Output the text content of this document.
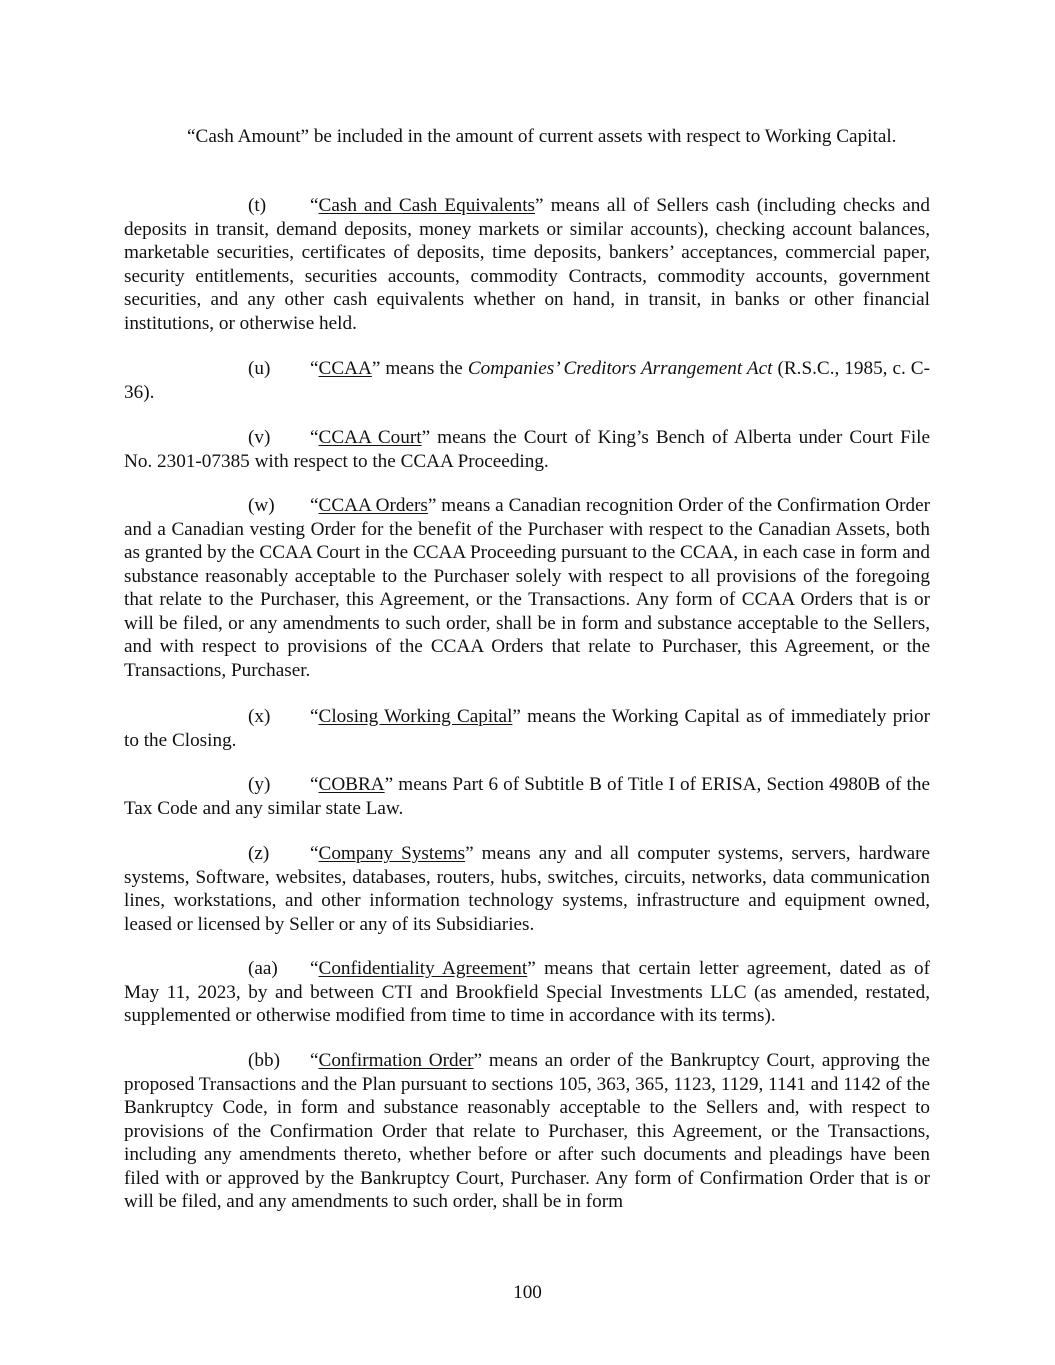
“Cash Amount” be included in the amount of current assets with respect to Working Capital.

(t) “Cash and Cash Equivalents” means all of Sellers cash (including checks and deposits in transit, demand deposits, money markets or similar accounts), checking account balances, marketable securities, certificates of deposits, time deposits, bankers’ acceptances, commercial paper, security entitlements, securities accounts, commodity Contracts, commodity accounts, government securities, and any other cash equivalents whether on hand, in transit, in banks or other financial institutions, or otherwise held.

(u) “CCAA” means the Companies’ Creditors Arrangement Act (R.S.C., 1985, c. C-36).

(v) “CCAA Court” means the Court of King’s Bench of Alberta under Court File No. 2301-07385 with respect to the CCAA Proceeding.

(w) “CCAA Orders” means a Canadian recognition Order of the Confirmation Order and a Canadian vesting Order for the benefit of the Purchaser with respect to the Canadian Assets, both as granted by the CCAA Court in the CCAA Proceeding pursuant to the CCAA, in each case in form and substance reasonably acceptable to the Purchaser solely with respect to all provisions of the foregoing that relate to the Purchaser, this Agreement, or the Transactions. Any form of CCAA Orders that is or will be filed, or any amendments to such order, shall be in form and substance acceptable to the Sellers, and with respect to provisions of the CCAA Orders that relate to Purchaser, this Agreement, or the Transactions, Purchaser.

(x) “Closing Working Capital” means the Working Capital as of immediately prior to the Closing.

(y) “COBRA” means Part 6 of Subtitle B of Title I of ERISA, Section 4980B of the Tax Code and any similar state Law.

(z) “Company Systems” means any and all computer systems, servers, hardware systems, Software, websites, databases, routers, hubs, switches, circuits, networks, data communication lines, workstations, and other information technology systems, infrastructure and equipment owned, leased or licensed by Seller or any of its Subsidiaries.

(aa) “Confidentiality Agreement” means that certain letter agreement, dated as of May 11, 2023, by and between CTI and Brookfield Special Investments LLC (as amended, restated, supplemented or otherwise modified from time to time in accordance with its terms).

(bb) “Confirmation Order” means an order of the Bankruptcy Court, approving the proposed Transactions and the Plan pursuant to sections 105, 363, 365, 1123, 1129, 1141 and 1142 of the Bankruptcy Code, in form and substance reasonably acceptable to the Sellers and, with respect to provisions of the Confirmation Order that relate to Purchaser, this Agreement, or the Transactions, including any amendments thereto, whether before or after such documents and pleadings have been filed with or approved by the Bankruptcy Court, Purchaser. Any form of Confirmation Order that is or will be filed, and any amendments to such order, shall be in form

100
